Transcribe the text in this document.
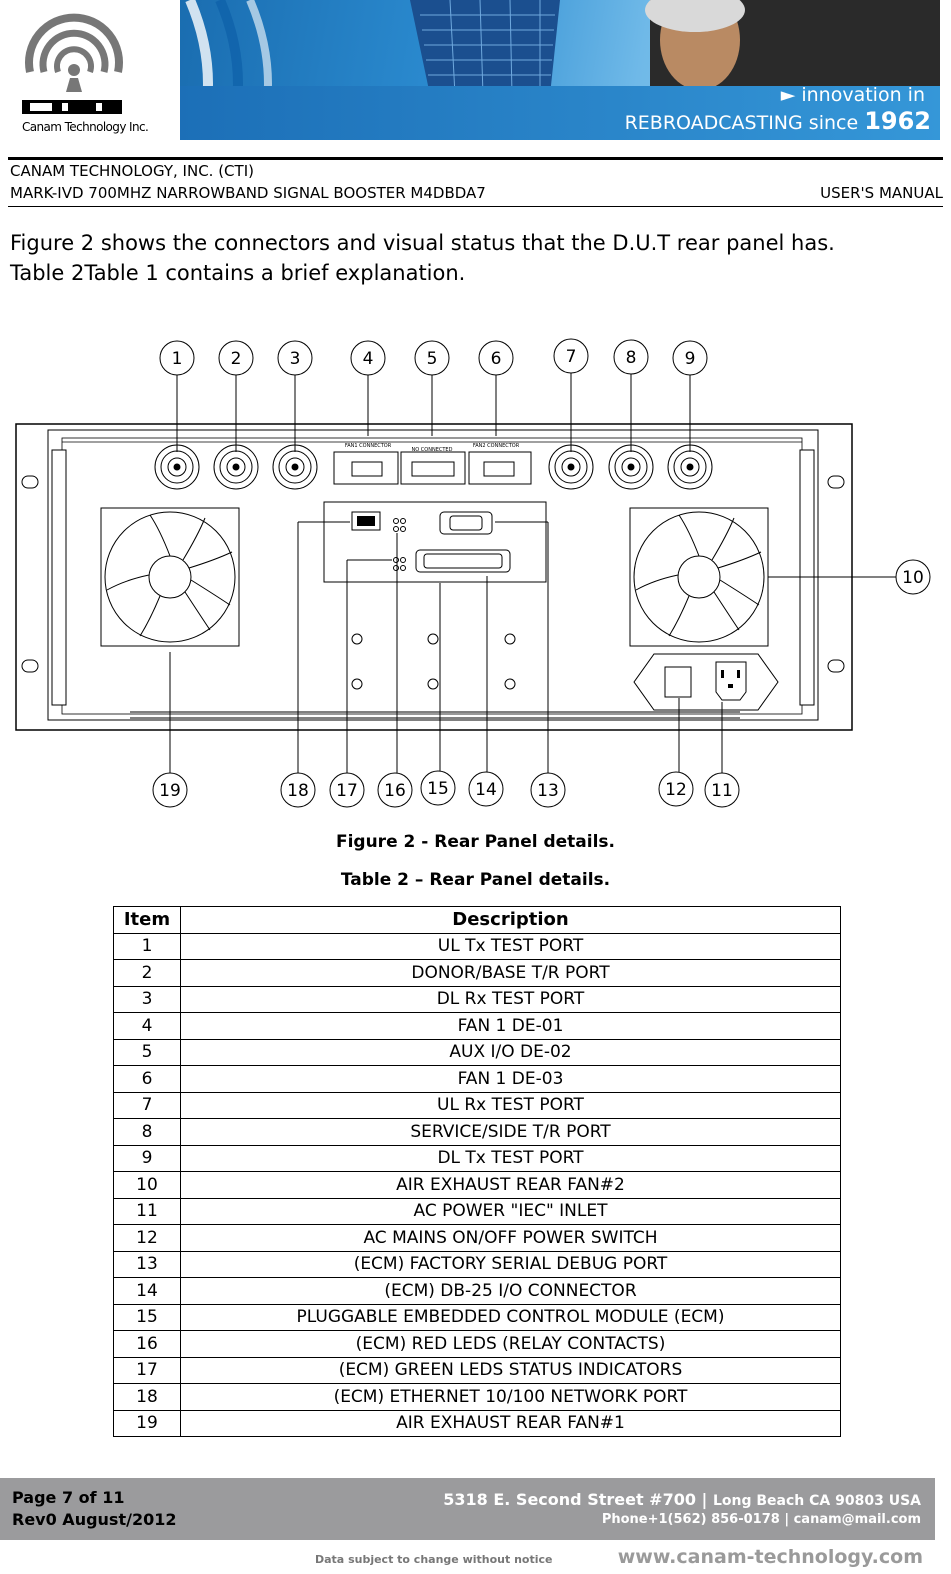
Canam Technology Inc.
► innovation in
REBROADCASTING since 1962
CANAM TECHNOLOGY, INC. (CTI)
MARK-IVD 700MHZ NARROWBAND SIGNAL BOOSTER M4DBDA7	USER'S MANUAL
Figure 2 shows the connectors and visual status that the D.U.T rear panel has.
Table 2Table 1 contains a brief explanation.
FAN1 CONNECTOR
NO CONNECTED
FAN2 CONNECTOR
1	2	3	4	5	6	7	8	9
10
19	18 17 16 15 14 13	12 11
Figure 2 - Rear Panel details.
Table 2 – Rear Panel details.
Item	Description
1	UL Tx TEST PORT
2	DONOR/BASE T/R PORT
3	DL Rx TEST PORT
4	FAN 1 DE-01
5	AUX I/O DE-02
6	FAN 1 DE-03
7	UL Rx TEST PORT
8	SERVICE/SIDE T/R PORT
9	DL Tx TEST PORT
10	AIR EXHAUST REAR FAN#2
11	AC POWER "IEC" INLET
12	AC MAINS ON/OFF POWER SWITCH
13	(ECM) FACTORY SERIAL DEBUG PORT
14	(ECM) DB-25 I/O CONNECTOR
15	PLUGGABLE EMBEDDED CONTROL MODULE (ECM)
16	(ECM) RED LEDS (RELAY CONTACTS)
17	(ECM) GREEN LEDS STATUS INDICATORS
18	(ECM) ETHERNET 10/100 NETWORK PORT
19	AIR EXHAUST REAR FAN#1
Page 7 of 11
Rev0 August/2012
5318 E. Second Street #700 | Long Beach CA 90803 USA
Phone+1(562) 856-0178 | canam@mail.com
Data subject to change without notice	www.canam-technology.com
